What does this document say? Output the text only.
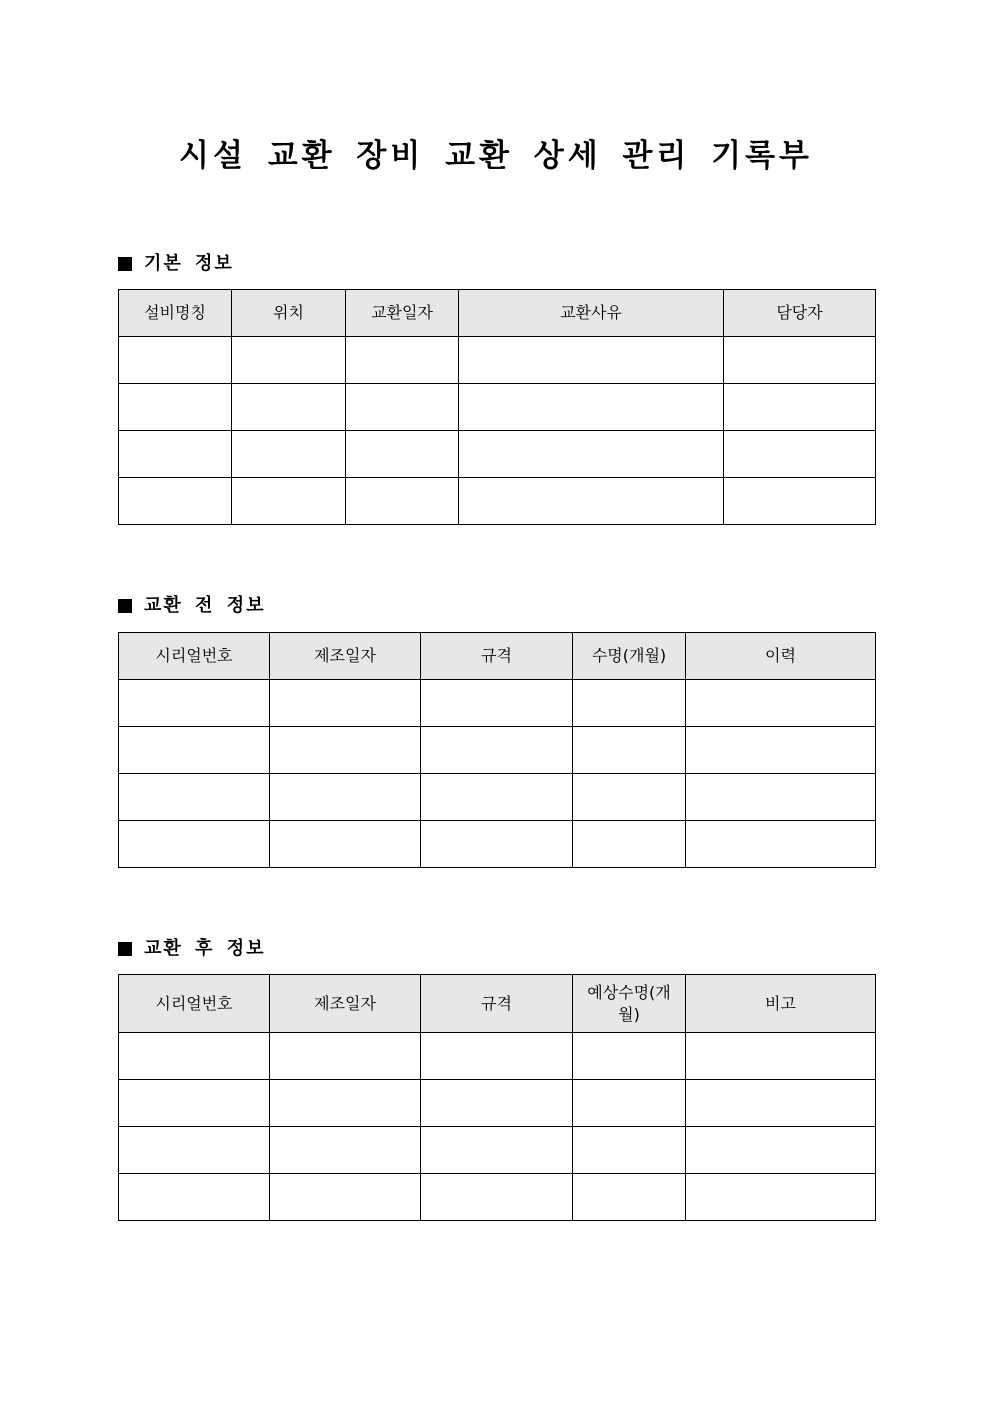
시설 교환 장비 교환 상세 관리 기록부
기본 정보
설비명칭	위치	교환일자	교환사유	담당자

교환 전 정보
시리얼번호	제조일자	규격	수명(개월)	이력

교환 후 정보
시리얼번호	제조일자	규격	예상수명(개월)	비고
